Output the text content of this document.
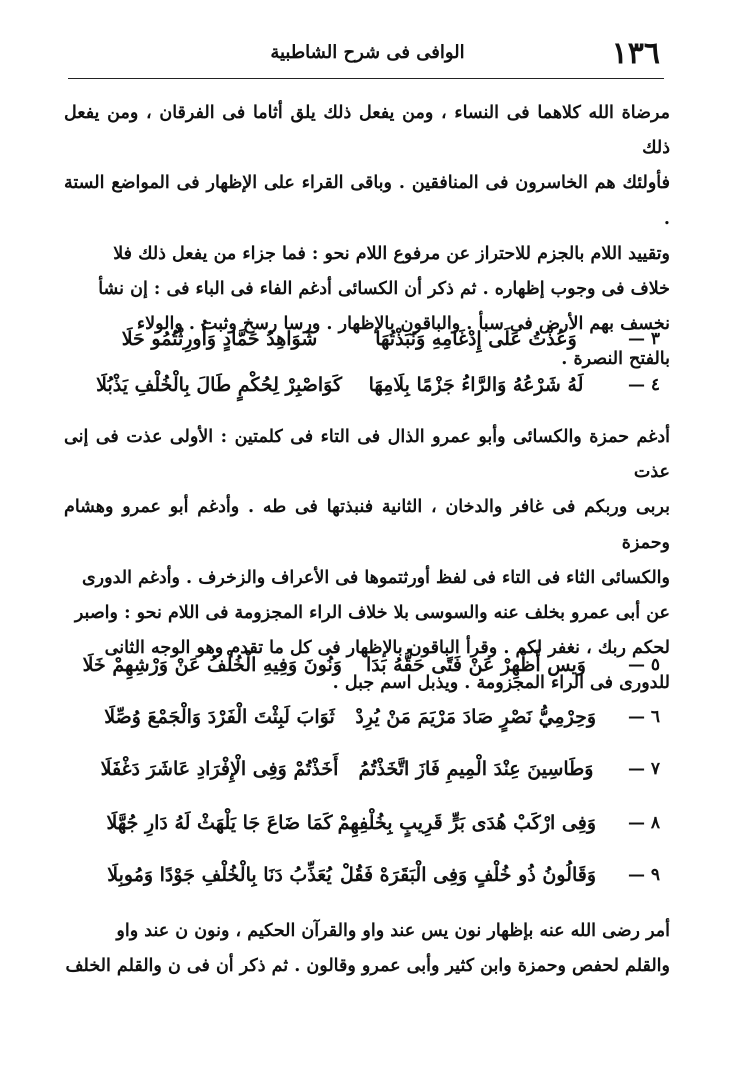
١٣٦
الوافى فى شرح الشاطبية

مرضاة الله كلاهما فى النساء ، ومن يفعل ذلك يلق أثاما فى الفرقان ، ومن يفعل ذلك

فأولئك هم الخاسرون فى المنافقين . وباقى القراء على الإظهار فى المواضع الستة .

وتقييد اللام بالجزم للاحتراز عن مرفوع اللام نحو : فما جزاء من يفعل ذلك فلا

خلاف فى وجوب إظهاره . ثم ذكر أن الكسائى أدغم الفاء فى الباء فى : إن نشأ

نخسف بهم الأرض فى سبأ . والباقون بالإظهار . ورسا رسخ وثبت . والولاء

بالفتح النصرة .

٣ —
وَعُذْتُ عَلَى إِدْغَامِهِ وَنَبَذْتُهَا
شَوَاهِدُ حَمَّادٍ وَأُورِثْتُمُو حَلَا
٤ —
لَهُ شَرْعُهُ وَالرَّاءُ جَزْمًا بِلَامِهَا
كَوَاصْبِرْ لِحُكْمٍ طَالَ بِالْخُلْفِ يَذْبُلَا

أدغم حمزة والكسائى وأبو عمرو الذال فى التاء فى كلمتين : الأولى عذت فى إنى عذت

بربى وربكم فى غافر والدخان ، الثانية فنبذتها فى طه . وأدغم أبو عمرو وهشام وحمزة

والكسائى الثاء فى التاء فى لفظ أورثتموها فى الأعراف والزخرف . وأدغم الدورى

عن أبى عمرو بخلف عنه والسوسى بلا خلاف الراء المجزومة فى اللام نحو : واصبر

لحكم ربك ، نغفر لكم . وقرأ الباقون بالإظهار فى كل ما تقدم وهو الوجه الثانى

للدورى فى الراء المجزومة . ويذبل اسم جبل .

٥ —
وَيس أَظْهِرْ عَنْ فَتًى حَقُّهُ بَدَا
وَنُونَ وَفِيهِ الْخُلْفُ عَنْ وَرْشِهِمْ خَلَا
٦ —
وَحِرْمِيُّ نَصْرٍ صَادَ مَرْيَمَ مَنْ يُرِدْ
ثَوَابَ لَبِثْتَ الْفَرْدَ وَالْجَمْعَ وُصِّلَا
٧ —
وَطَاسِينَ عِنْدَ الْمِيمِ فَازَ اتَّخَذْتُمُ
أَخَذْتُمْ وَفِى الْإِفْرَادِ عَاشَرَ دَغْفَلَا
٨ —
وَفِى ارْكَبْ هُدَى بَرٍّ قَرِيبٍ بِخُلْفِهِمْ
كَمَا ضَاعَ جَا يَلْهَثْ لَهُ دَارِ جُهَّلَا
٩ —
وَقَالُونُ ذُو خُلْفٍ وَفِى الْبَقَرَهْ فَقُلْ
يُعَذِّبُ دَنَا بِالْخُلْفِ جَوْدًا وَمُوبِلَا

أمر رضى الله عنه بإظهار نون يس عند واو والقرآن الحكيم ، ونون ن عند واو

والقلم لحفص وحمزة وابن كثير وأبى عمرو وقالون . ثم ذكر أن فى ن والقلم الخلف
